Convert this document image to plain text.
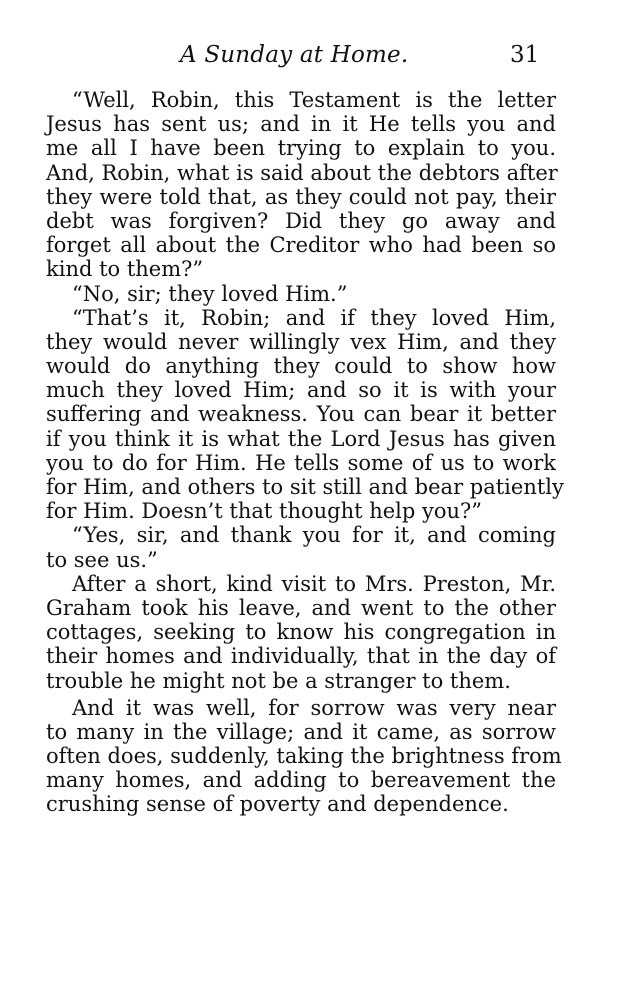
A Sunday at Home.	31
“Well, Robin, this Testament is the letter
Jesus has sent us; and in it He tells you and
me all I have been trying to explain to you.
And, Robin, what is said about the debtors after
they were told that, as they could not pay, their
debt was forgiven? Did they go away and
forget all about the Creditor who had been so
kind to them?”
“No, sir; they loved Him.”
“That’s it, Robin; and if they loved Him,
they would never willingly vex Him, and they
would do anything they could to show how
much they loved Him; and so it is with your
suffering and weakness. You can bear it better
if you think it is what the Lord Jesus has given
you to do for Him. He tells some of us to work
for Him, and others to sit still and bear patiently
for Him. Doesn’t that thought help you?”
“Yes, sir, and thank you for it, and coming
to see us.”
After a short, kind visit to Mrs. Preston, Mr.
Graham took his leave, and went to the other
cottages, seeking to know his congregation in
their homes and individually, that in the day of
trouble he might not be a stranger to them.
And it was well, for sorrow was very near
to many in the village; and it came, as sorrow
often does, suddenly, taking the brightness from
many homes, and adding to bereavement the
crushing sense of poverty and dependence.
